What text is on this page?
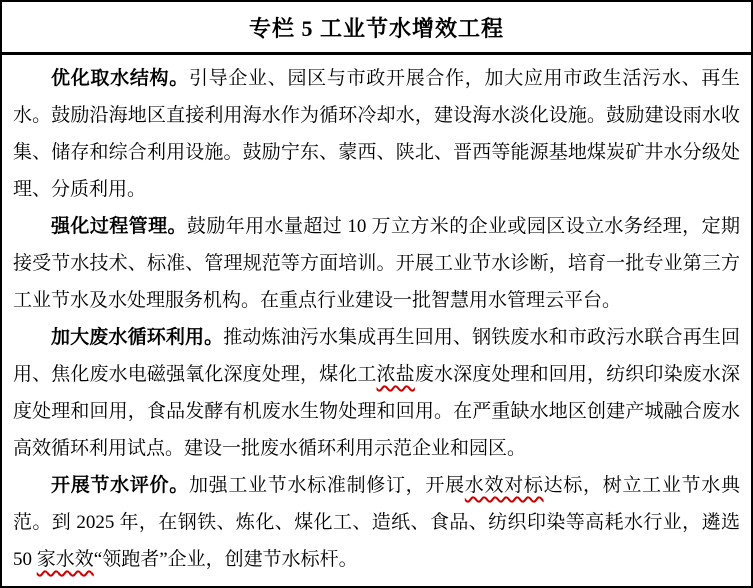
专栏 5 工业节水增效工程

优化取水结构。引导企业、园区与市政开展合作，加大应用市政生活污水、再生水。鼓励沿海地区直接利用海水作为循环冷却水，建设海水淡化设施。鼓励建设雨水收集、储存和综合利用设施。鼓励宁东、蒙西、陕北、晋西等能源基地煤炭矿井水分级处理、分质利用。

强化过程管理。鼓励年用水量超过 10 万立方米的企业或园区设立水务经理，定期接受节水技术、标准、管理规范等方面培训。开展工业节水诊断，培育一批专业第三方工业节水及水处理服务机构。在重点行业建设一批智慧用水管理云平台。

加大废水循环利用。推动炼油污水集成再生回用、钢铁废水和市政污水联合再生回用、焦化废水电磁强氧化深度处理，煤化工浓盐废水深度处理和回用，纺织印染废水深度处理和回用，食品发酵有机废水生物处理和回用。在严重缺水地区创建产城融合废水高效循环利用试点。建设一批废水循环利用示范企业和园区。

开展节水评价。加强工业节水标准制修订，开展水效对标达标，树立工业节水典范。到 2025 年，在钢铁、炼化、煤化工、造纸、食品、纺织印染等高耗水行业，遴选 50 家水效“领跑者”企业，创建节水标杆。
